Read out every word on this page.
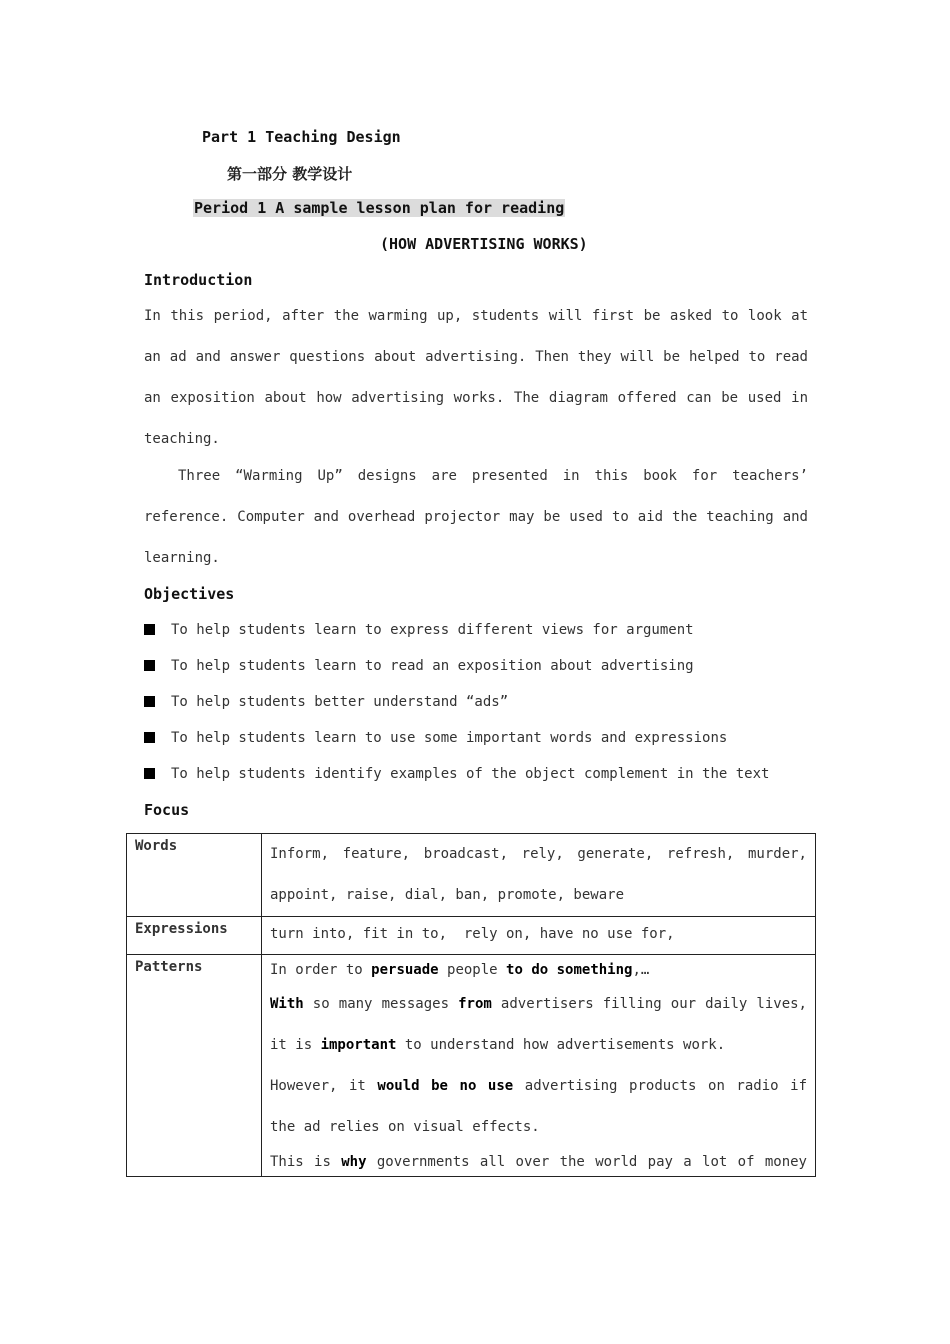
Part 1 Teaching Design
第一部分 教学设计
Period 1 A sample lesson plan for reading
(HOW ADVERTISING WORKS)
Introduction
In this period, after the warming up, students will first be asked to look at an ad and answer questions about advertising. Then they will be helped to read an exposition about how advertising works. The diagram offered can be used in teaching.
Three “Warming Up” designs are presented in this book for teachers’ reference. Computer and overhead projector may be used to aid the teaching and learning.
Objectives
To help students learn to express different views for argument
To help students learn to read an exposition about advertising
To help students better understand “ads”
To help students learn to use some important words and expressions
To help students identify examples of the object complement in the text
Focus
Words	Inform, feature, broadcast, rely, generate, refresh, murder, appoint, raise, dial, ban, promote, beware

Expressions	turn into, fit in to,  rely on, have no use for,

Patterns	In order to persuade people to do something,…

With so many messages from advertisers filling our daily lives, it is important to understand how advertisements work.

However, it would be no use advertising products on radio if the ad relies on visual effects.

This is why governments all over the world pay a lot of money
